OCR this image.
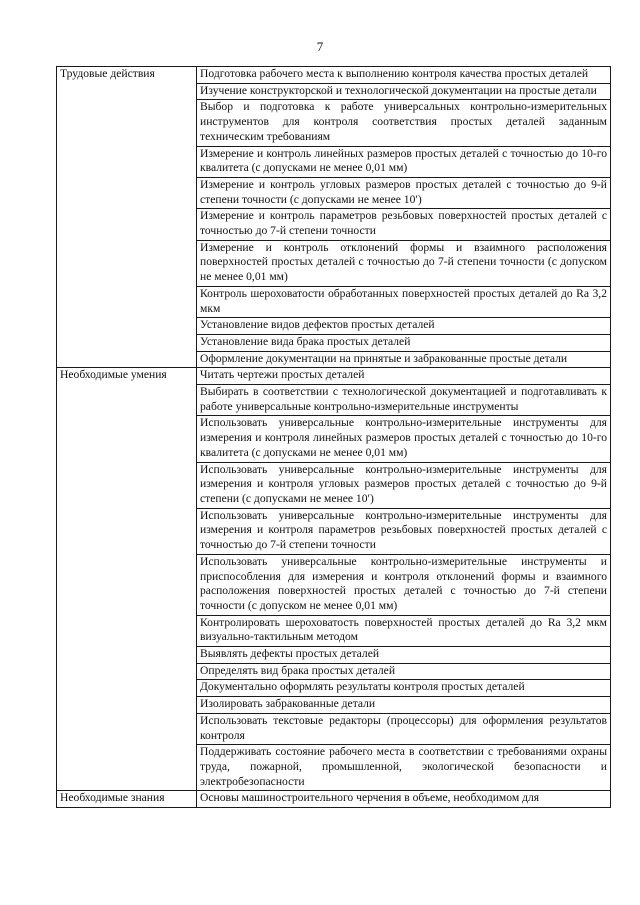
7
Трудовые действия	Подготовка рабочего места к выполнению контроля качества простых деталей
	Изучение конструкторской и технологической документации на простые детали
	Выбор и подготовка к работе универсальных контрольно-измерительных инструментов для контроля соответствия простых деталей заданным техническим требованиям
	Измерение и контроль линейных размеров простых деталей с точностью до 10-го квалитета (с допусками не менее 0,01 мм)
	Измерение и контроль угловых размеров простых деталей с точностью до 9-й степени точности (с допусками не менее 10′)
	Измерение и контроль параметров резьбовых поверхностей простых деталей с точностью до 7-й степени точности
	Измерение и контроль отклонений формы и взаимного расположения поверхностей простых деталей с точностью до 7-й степени точности (с допуском не менее 0,01 мм)
	Контроль шероховатости обработанных поверхностей простых деталей до Ra 3,2 мкм
	Установление видов дефектов простых деталей
	Установление вида брака простых деталей
	Оформление документации на принятые и забракованные простые детали
Необходимые умения	Читать чертежи простых деталей
	Выбирать в соответствии с технологической документацией и подготавливать к работе универсальные контрольно-измерительные инструменты
	Использовать универсальные контрольно-измерительные инструменты для измерения и контроля линейных размеров простых деталей с точностью до 10-го квалитета (с допусками не менее 0,01 мм)
	Использовать универсальные контрольно-измерительные инструменты для измерения и контроля угловых размеров простых деталей с точностью до 9-й степени (с допусками не менее 10′)
	Использовать универсальные контрольно-измерительные инструменты для измерения и контроля параметров резьбовых поверхностей простых деталей с точностью до 7-й степени точности
	Использовать универсальные контрольно-измерительные инструменты и приспособления для измерения и контроля отклонений формы и взаимного расположения поверхностей простых деталей с точностью до 7-й степени точности (с допуском не менее 0,01 мм)
	Контролировать шероховатость поверхностей простых деталей до Ra 3,2 мкм визуально-тактильным методом
	Выявлять дефекты простых деталей
	Определять вид брака простых деталей
	Документально оформлять результаты контроля простых деталей
	Изолировать забракованные детали
	Использовать текстовые редакторы (процессоры) для оформления результатов контроля
	Поддерживать состояние рабочего места в соответствии с требованиями охраны труда, пожарной, промышленной, экологической безопасности и электробезопасности
Необходимые знания	Основы машиностроительного черчения в объеме, необходимом для
